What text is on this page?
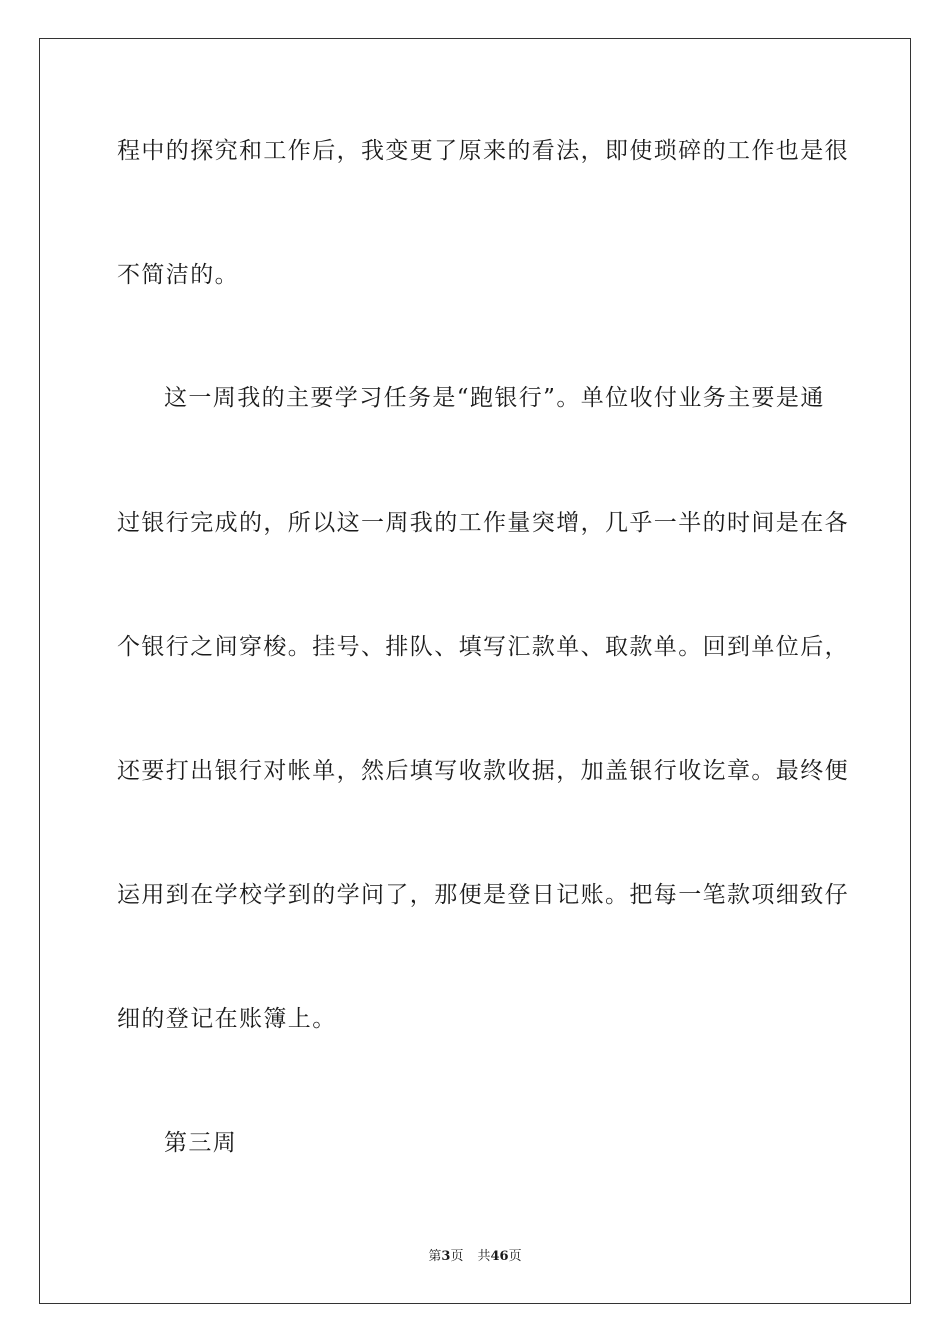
程中的探究和工作后，我变更了原来的看法，即使琐碎的工作也是很
不简洁的。
这一周我的主要学习任务是“跑银行”。单位收付业务主要是通
过银行完成的，所以这一周我的工作量突增，几乎一半的时间是在各
个银行之间穿梭。挂号、排队、填写汇款单、取款单。回到单位后，
还要打出银行对帐单，然后填写收款收据，加盖银行收讫章。最终便
运用到在学校学到的学问了，那便是登日记账。把每一笔款项细致仔
细的登记在账簿上。
第三周
第3页 共46页
